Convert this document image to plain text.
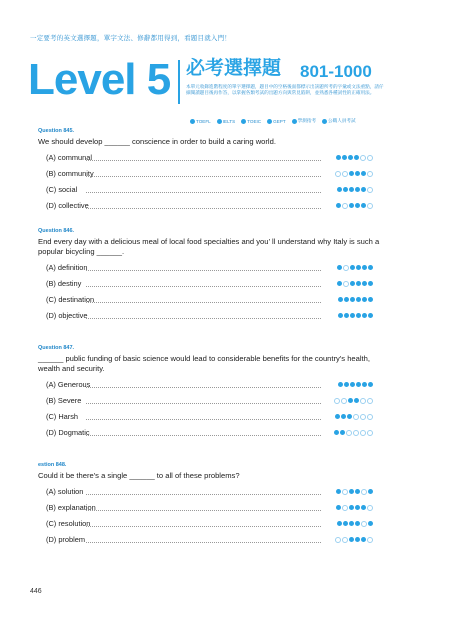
一定要考的英文選擇題，單字文法、修辭都用得到，看題目就入門！
Level 5 必考選擇題 801-1000
本單元收錄進階程度的單字選擇題，題目中的空格後面都標示出該題所考的字彙或文法重點，請仔細閱讀題目後再作答，以掌握各類考試的出題方向與常見陷阱，並熟悉各種詞性的正確用法。
TOEFL	IELTS	TOEIC	GEPT	學測指考	公職人員考試
Question 845.
We should develop ______ conscience in order to build a caring world.
(A) communal
(B) community
(C) social
(D) collective
Question 846.
End every day with a delicious meal of local food specialties and you’ ll understand why Italy is such a popular bicycling ______.
(A) definition
(B) destiny
(C) destination
(D) objective
Question 847.
______ public funding of basic science would lead to considerable benefits for the country's health, wealth and security.
(A) Generous
(B) Severe
(C) Harsh
(D) Dogmatic
estion 848.
Could it be there's a single ______ to all of these problems?
(A) solution
(B) explanation
(C) resolution
(D) problem
446
